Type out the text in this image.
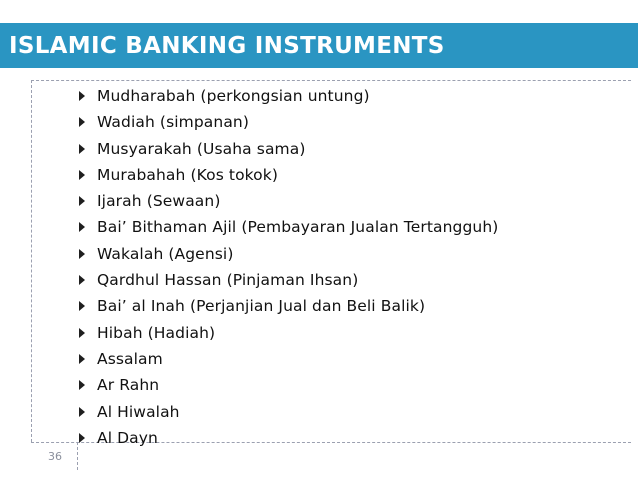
ISLAMIC BANKING INSTRUMENTS
Mudharabah (perkongsian untung)
Wadiah (simpanan)
Musyarakah (Usaha sama)
Murabahah (Kos tokok)
Ijarah (Sewaan)
Bai’ Bithaman Ajil (Pembayaran Jualan Tertangguh)
Wakalah (Agensi)
Qardhul Hassan (Pinjaman Ihsan)
Bai’ al Inah (Perjanjian Jual dan Beli Balik)
Hibah (Hadiah)
Assalam
Ar Rahn
Al Hiwalah
Al Dayn
36
